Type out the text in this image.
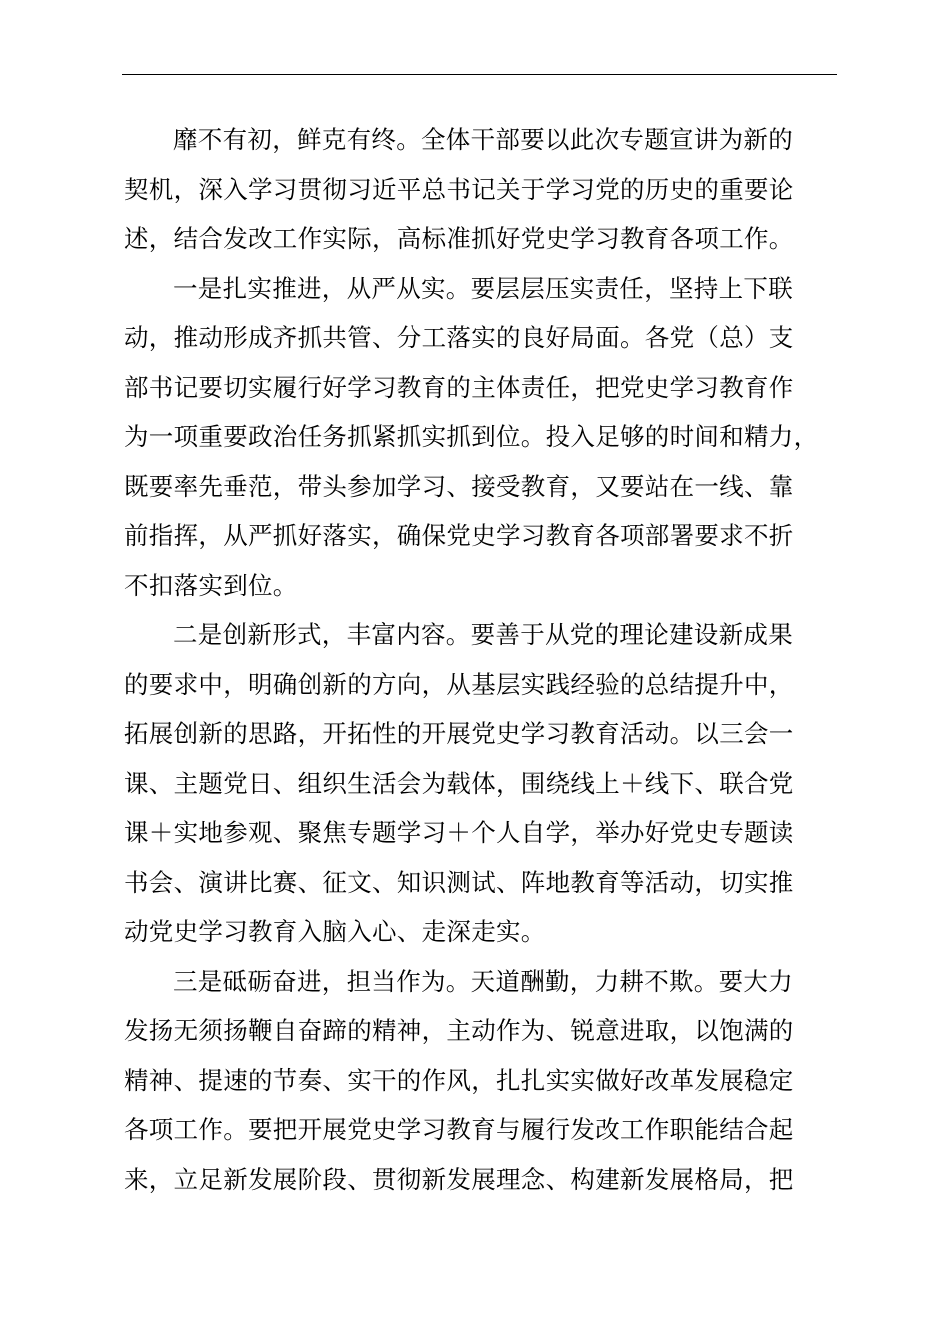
靡不有初，鲜克有终。全体干部要以此次专题宣讲为新的
契机，深入学习贯彻习近平总书记关于学习党的历史的重要论
述，结合发改工作实际，高标准抓好党史学习教育各项工作。
一是扎实推进，从严从实。要层层压实责任，坚持上下联
动，推动形成齐抓共管、分工落实的良好局面。各党（总）支
部书记要切实履行好学习教育的主体责任，把党史学习教育作
为一项重要政治任务抓紧抓实抓到位。投入足够的时间和精力，
既要率先垂范，带头参加学习、接受教育，又要站在一线、靠
前指挥，从严抓好落实，确保党史学习教育各项部署要求不折
不扣落实到位。
二是创新形式，丰富内容。要善于从党的理论建设新成果
的要求中，明确创新的方向，从基层实践经验的总结提升中，
拓展创新的思路，开拓性的开展党史学习教育活动。以三会一
课、主题党日、组织生活会为载体，围绕线上＋线下、联合党
课＋实地参观、聚焦专题学习＋个人自学，举办好党史专题读
书会、演讲比赛、征文、知识测试、阵地教育等活动，切实推
动党史学习教育入脑入心、走深走实。
三是砥砺奋进，担当作为。天道酬勤，力耕不欺。要大力
发扬无须扬鞭自奋蹄的精神，主动作为、锐意进取，以饱满的
精神、提速的节奏、实干的作风，扎扎实实做好改革发展稳定
各项工作。要把开展党史学习教育与履行发改工作职能结合起
来，立足新发展阶段、贯彻新发展理念、构建新发展格局，把
